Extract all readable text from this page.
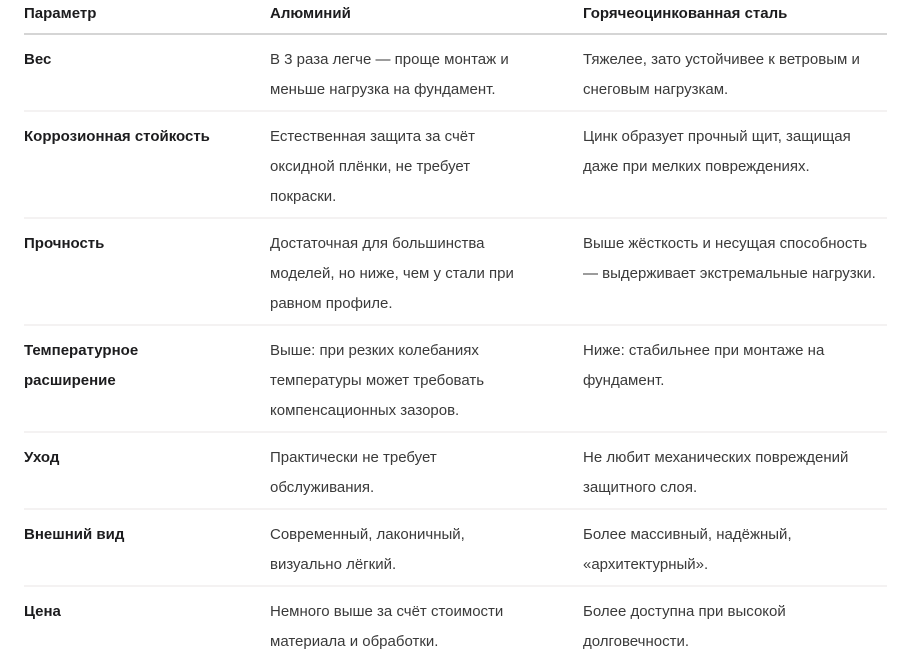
Параметр	Алюминий	Горячеоцинкованная сталь
Вес	В 3 раза легче — проще монтаж и меньше нагрузка на фундамент.	Тяжелее, зато устойчивее к ветровым и снеговым нагрузкам.
Коррозионная стойкость	Естественная защита за счёт оксидной плёнки, не требует покраски.	Цинк образует прочный щит, защищая даже при мелких повреждениях.
Прочность	Достаточная для большинства моделей, но ниже, чем у стали при равном профиле.	Выше жёсткость и несущая способность — выдерживает экстремальные нагрузки.
Температурное расширение	Выше: при резких колебаниях температуры может требовать компенсационных зазоров.	Ниже: стабильнее при монтаже на фундамент.
Уход	Практически не требует обслуживания.	Не любит механических повреждений защитного слоя.
Внешний вид	Современный, лаконичный, визуально лёгкий.	Более массивный, надёжный, «архитектурный».
Цена	Немного выше за счёт стоимости материала и обработки.	Более доступна при высокой долговечности.
